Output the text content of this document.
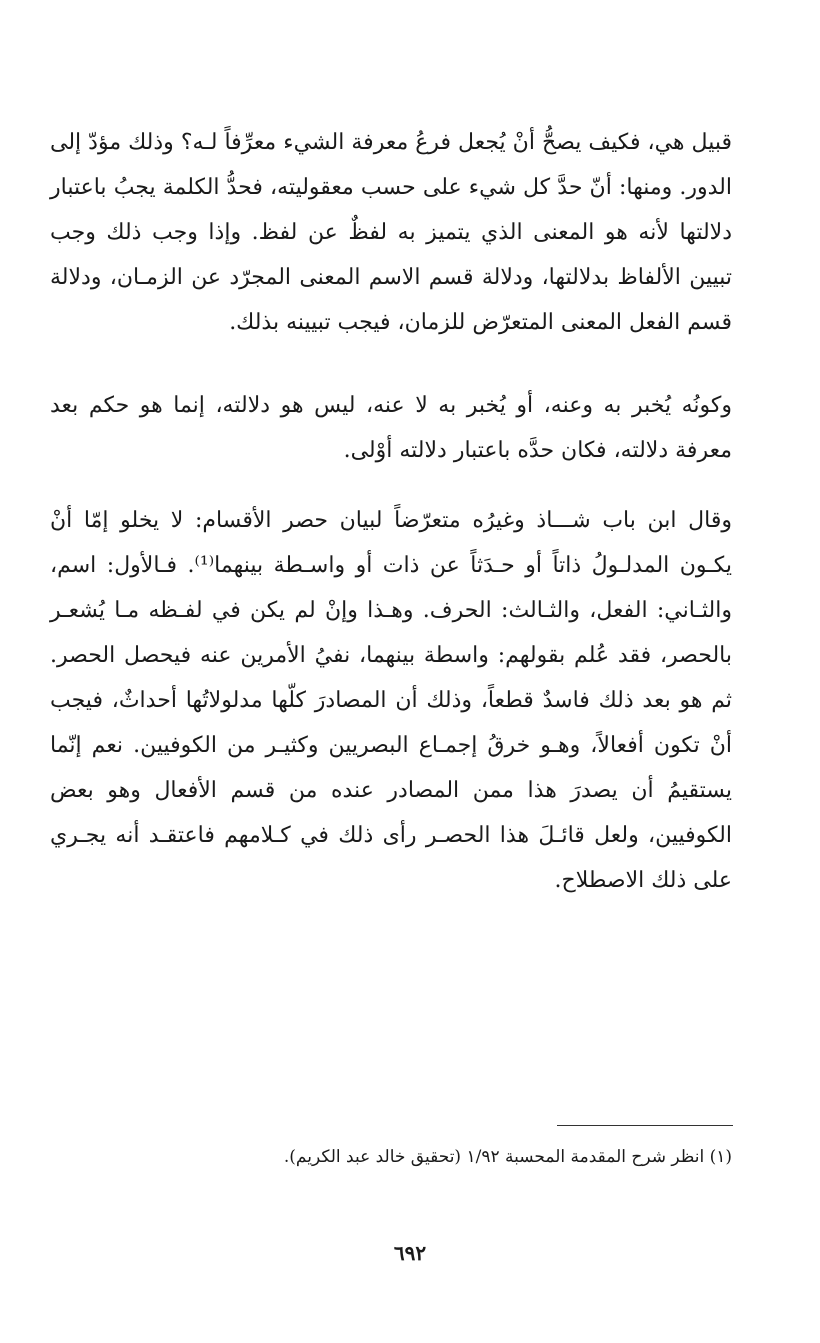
قبيل هي، فكيف يصحُّ أنْ يُجعل فرعُ معرفة الشيء معرِّفاً لـه؟ وذلك مؤدّ إلى الدور. ومنها: أنّ حدَّ كل شيء على حسب معقوليته، فحدُّ الكلمة يجبُ باعتبار دلالتها لأنه هو المعنى الذي يتميز به لفظٌ عن لفظ. وإذا وجب ذلك وجب تبيين الألفاظ بدلالتها، ودلالة قسم الاسم المعنى المجرّد عن الزمـان، ودلالة قسم الفعل المعنى المتعرّض للزمان، فيجب تبيينه بذلك.

وكونُه يُخبر به وعنه، أو يُخبر به لا عنه، ليس هو دلالته، إنما هو حكم بعد معرفة دلالته، فكان حدَّه باعتبار دلالته أوْلى.

وقال ابن باب شـــاذ وغيرُه متعرّضاً لبيان حصر الأقسام: لا يخلو إمّا أنْ يكـون المدلـولُ ذاتاً أو حـدَثاً عن ذات أو واسـطة بينهما⁽¹⁾. فـالأول: اسم، والثـاني: الفعل، والثـالث: الحرف. وهـذا وإنْ لم يكن في لفـظه مـا يُشعـر بالحصر، فقد عُلم بقولهم: واسطة بينهما، نفيُ الأمرين عنه فيحصل الحصر. ثم هو بعد ذلك فاسدٌ قطعاً، وذلك أن المصادرَ كلّها مدلولاتُها أحداثٌ، فيجب أنْ تكون أفعالاً، وهـو خرقُ إجمـاع البصريين وكثيـر من الكوفيين. نعم إنّما يستقيمُ أن يصدرَ هذا ممن المصادر عنده من قسم الأفعال وهو بعض الكوفيين، ولعل قائـلَ هذا الحصـر رأى ذلك في كـلامهم فاعتقـد أنه يجـري على ذلك الاصطلاح.

(١) انظر شرح المقدمة المحسبة ١/٩٢ (تحقيق خالد عبد الكريم).

٦٩٢
